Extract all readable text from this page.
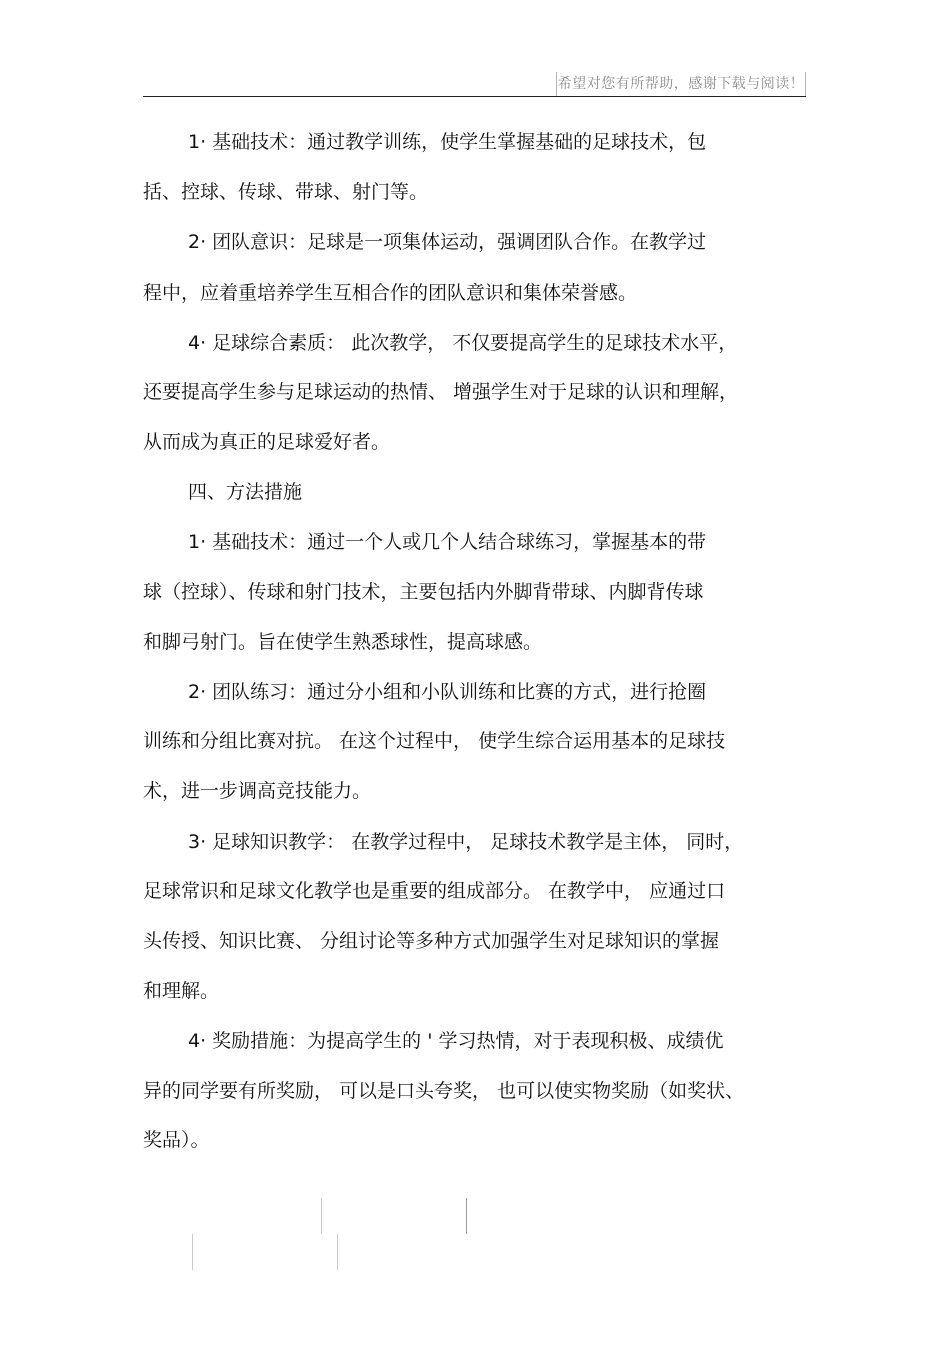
希望对您有所帮助，感谢下载与阅读！
1· 基础技术：通过教学训练，使学生掌握基础的足球技术，包
括、控球、传球、带球、射门等。
2· 团队意识：足球是一项集体运动，强调团队合作。在教学过
程中，应着重培养学生互相合作的团队意识和集体荣誉感。
4· 足球综合素质： 此次教学， 不仅要提高学生的足球技术水平，
还要提高学生参与足球运动的热情、 增强学生对于足球的认识和理解，
从而成为真正的足球爱好者。
四、方法措施
1· 基础技术：通过一个人或几个人结合球练习，掌握基本的带
球（控球）、传球和射门技术，主要包括内外脚背带球、内脚背传球
和脚弓射门。旨在使学生熟悉球性，提高球感。
2· 团队练习：通过分小组和小队训练和比赛的方式，进行抢圈
训练和分组比赛对抗。 在这个过程中， 使学生综合运用基本的足球技
术，进一步调高竞技能力。
3· 足球知识教学： 在教学过程中， 足球技术教学是主体， 同时，
足球常识和足球文化教学也是重要的组成部分。 在教学中， 应通过口
头传授、知识比赛、 分组讨论等多种方式加强学生对足球知识的掌握
和理解。
4· 奖励措施：为提高学生的 ' 学习热情，对于表现积极、成绩优
异的同学要有所奖励， 可以是口头夸奖， 也可以使实物奖励（如奖状、
奖品）。
